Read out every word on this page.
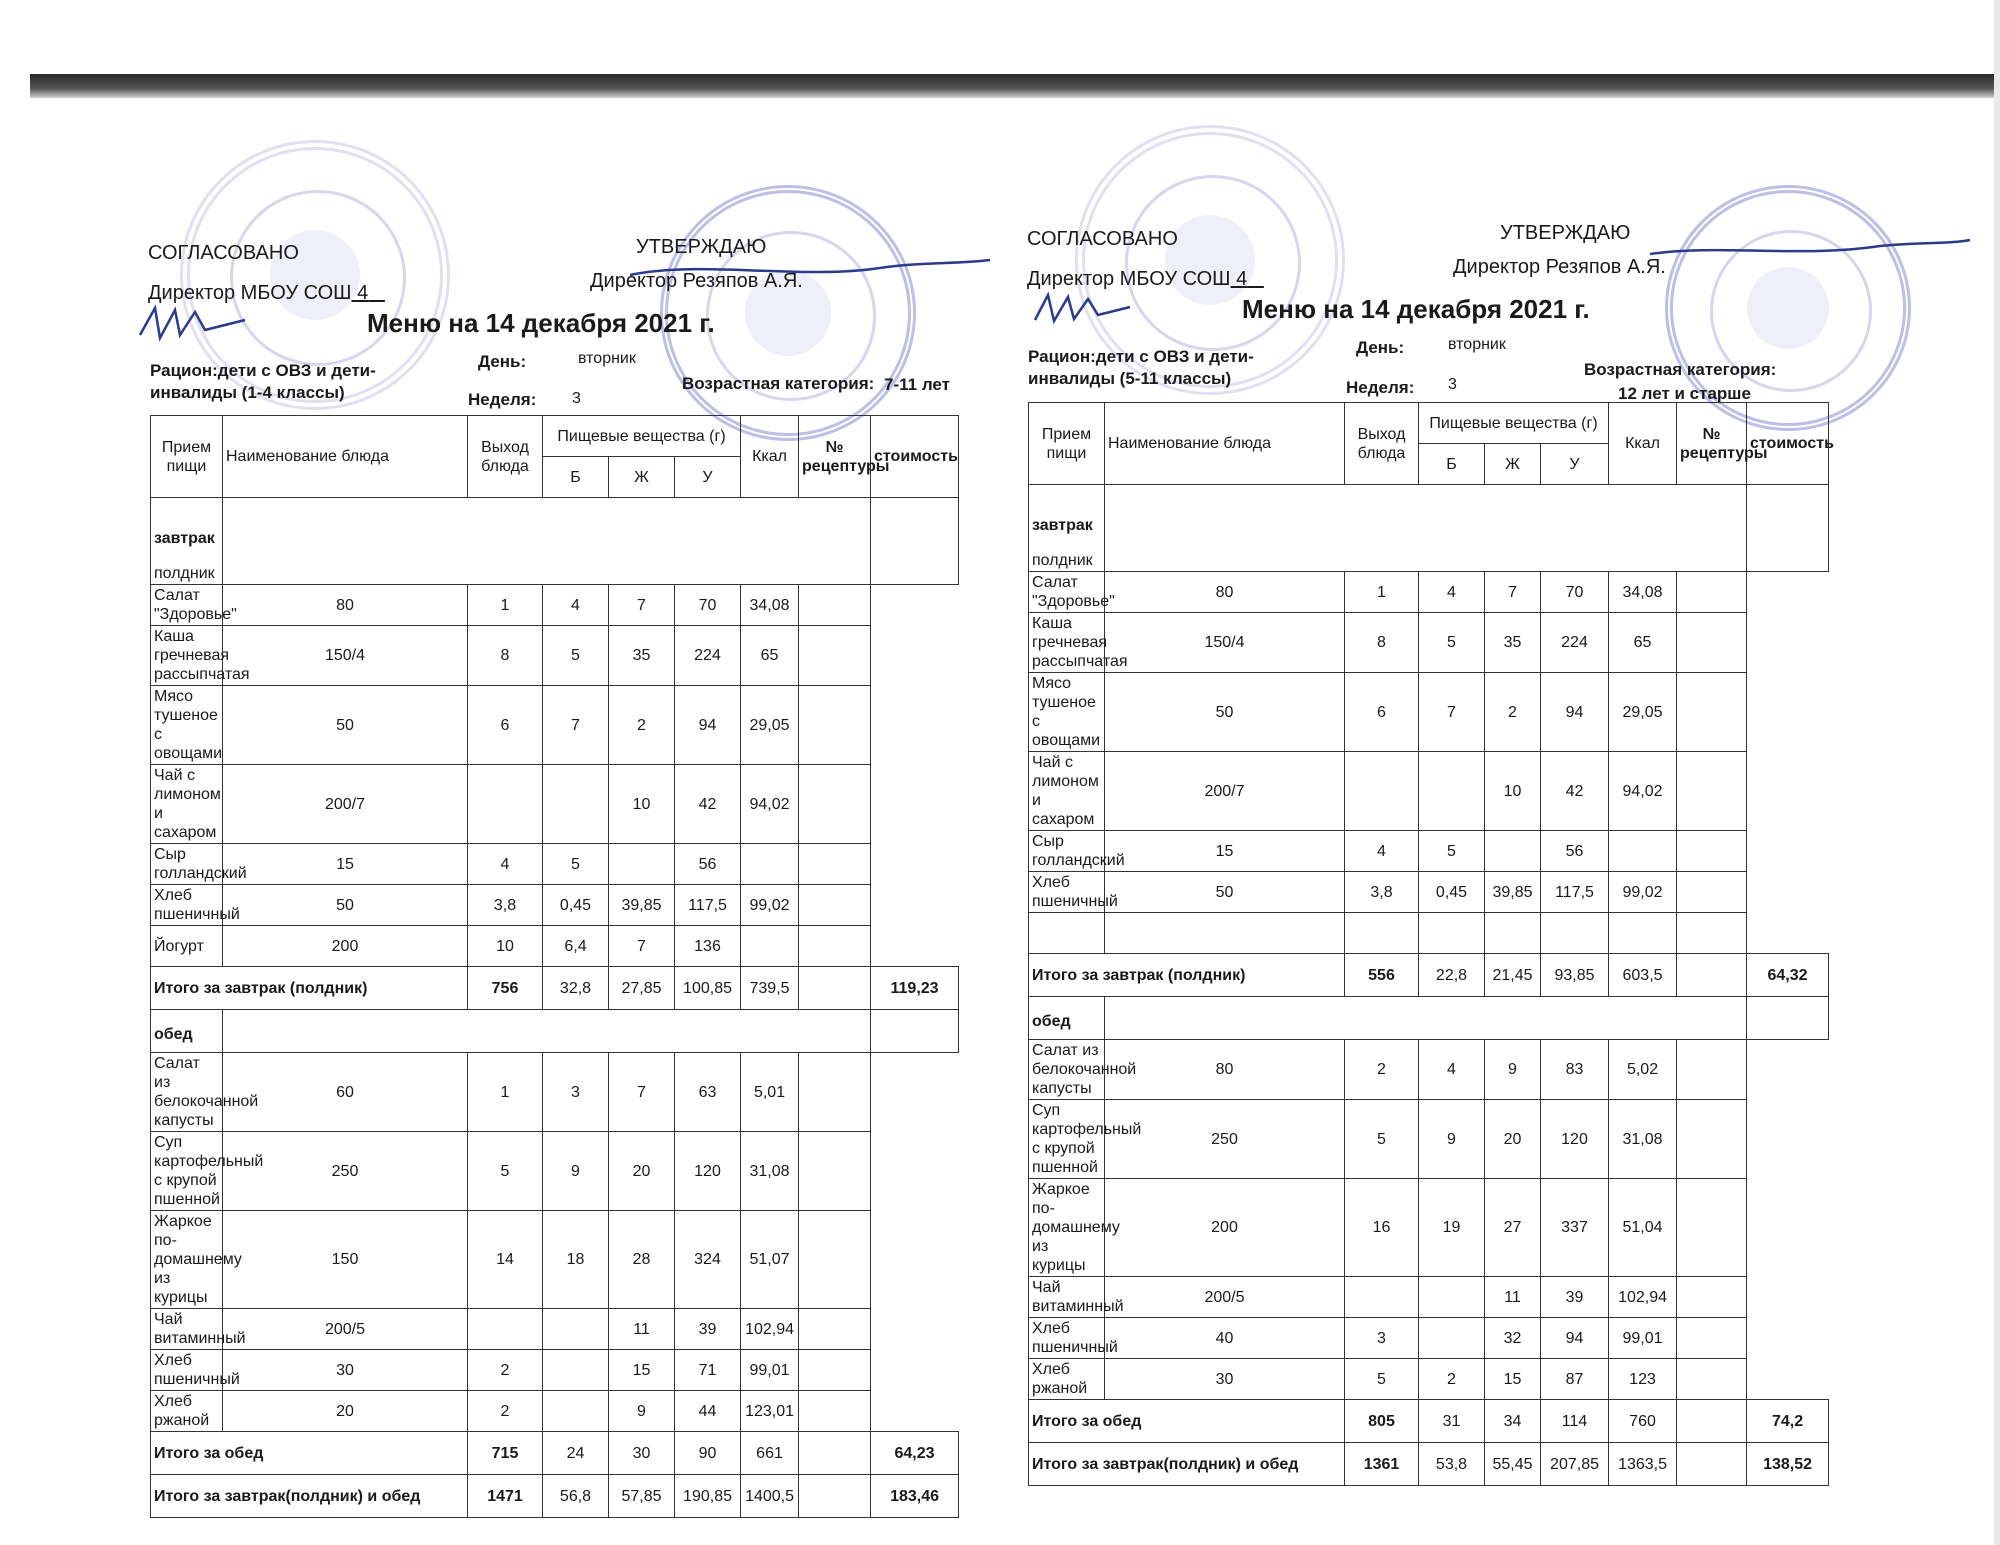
СОГЛАСОВАНО
Директор МБОУ СОШ 4
УТВЕРЖДАЮ
Директор Резяпов А.Я.
Меню на 14 декабря 2021 г.
Рацион:дети с ОВЗ и дети-инвалиды (1-4 классы)
День:	вторник
Неделя: 3
Возрастная категория: 7-11 лет
Прием пищи	Наименование блюда	Выход блюда	Пищевые вещества (г)			Ккал	№ рецептуры	стоимость
			Б	Ж	У			

завтрак
полдник								

Салат "Здоровье"	80	1	4	7	70	34,08		
Каша гречневая рассыпчатая	150/4	8	5	35	224	65		
Мясо тушеное с овощами	50	6	7	2	94	29,05		
Чай с лимоном и сахаром	200/7			10	42	94,02		
Сыр голландский	15	4	5		56			
Хлеб пшеничный	50	3,8	0,45	39,85	117,5	99,02		
Йогурт	200	10	6,4	7	136			
Итого за завтрак (полдник)		756	32,8	27,85	100,85	739,5		119,23

обед								

Салат из белокочанной капусты	60	1	3	7	63	5,01		
Суп картофельный с крупой пшенной	250	5	9	20	120	31,08		
Жаркое по-домашнему из курицы	150	14	18	28	324	51,07		
Чай витаминный	200/5			11	39	102,94		
Хлеб пшеничный	30	2		15	71	99,01		
Хлеб ржаной	20	2		9	44	123,01		
Итого за обед		715	24	30	90	661		64,23
Итого за завтрак(полдник) и обед		1471	56,8	57,85	190,85	1400,5		183,46
СОГЛАСОВАНО
Директор МБОУ СОШ 4
УТВЕРЖДАЮ
Директор Резяпов А.Я.
Меню на 14 декабря 2021 г.
Рацион:дети с ОВЗ и дети-инвалиды (5-11 классы)
День:	вторник
Неделя: 3
Возрастная категория:
12 лет и старше
Прием пищи	Наименование блюда	Выход блюда	Пищевые вещества (г)			Ккал	№ рецептуры	стоимость
			Б	Ж	У			

завтрак
полдник								

Салат "Здоровье"	80	1	4	7	70	34,08		
Каша гречневая рассыпчатая	150/4	8	5	35	224	65		
Мясо тушеное с овощами	50	6	7	2	94	29,05		
Чай с лимоном и сахаром	200/7			10	42	94,02		
Сыр голландский	15	4	5		56			
Хлеб пшеничный	50	3,8	0,45	39,85	117,5	99,02		

Итого за завтрак (полдник)		556	22,8	21,45	93,85	603,5		64,32

обед								

Салат из белокочанной капусты	80	2	4	9	83	5,02		
Суп картофельный с крупой пшенной	250	5	9	20	120	31,08		
Жаркое по-домашнему из курицы	200	16	19	27	337	51,04		
Чай витаминный	200/5			11	39	102,94		
Хлеб пшеничный	40	3		32	94	99,01		
Хлеб ржаной	30	5	2	15	87	123		
Итого за обед		805	31	34	114	760		74,2
Итого за завтрак(полдник) и обед		1361	53,8	55,45	207,85	1363,5		138,52
